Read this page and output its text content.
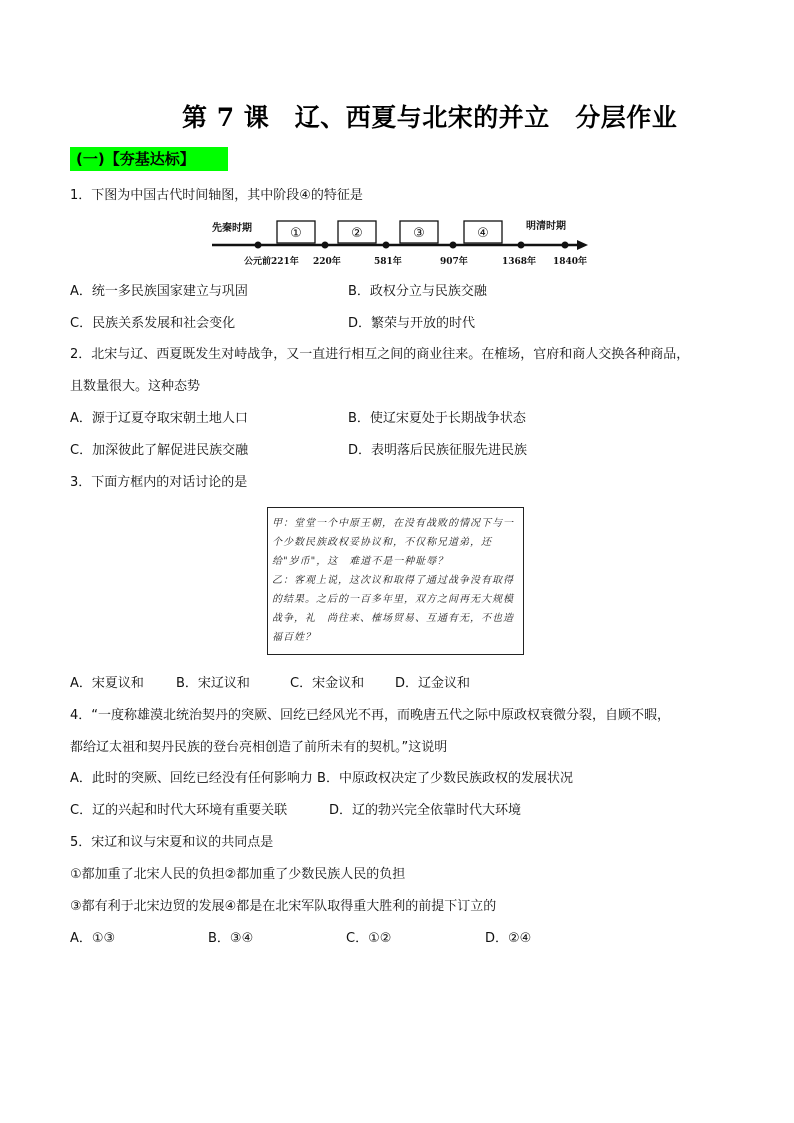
第 7 课　辽、西夏与北宋的并立　分层作业
(一)【夯基达标】
1．下图为中国古代时间轴图，其中阶段④的特征是
先秦时期	明清时期
①	②	③	④
公元前221年 220年	581年	907年	1368年 1840年
A．统一多民族国家建立与巩固	B．政权分立与民族交融
C．民族关系发展和社会变化	D．繁荣与开放的时代
2．北宋与辽、西夏既发生对峙战争，又一直进行相互之间的商业往来。在榷场，官府和商人交换各种商品，
且数量很大。这种态势
A．源于辽夏夺取宋朝土地人口	B．使辽宋夏处于长期战争状态
C．加深彼此了解促进民族交融	D．表明落后民族征服先进民族
3．下面方框内的对话讨论的是
甲：堂堂一个中原王朝，在没有战败的情况下与一个少数民族政权妥协议和，不仅称兄道弟，还给"岁币"，这　难道不是一种耻辱？
乙：客观上说，这次议和取得了通过战争没有取得的结果。之后的一百多年里，双方之间再无大规模战争，礼　尚往来、榷场贸易、互通有无，不也造福百姓？
A．宋夏议和 B．宋辽议和	C．宋金议和 D．辽金议和
4．“一度称雄漠北统治契丹的突厥、回纥已经风光不再，而晚唐五代之际中原政权衰微分裂，自顾不暇，
都给辽太祖和契丹民族的登台亮相创造了前所未有的契机。”这说明
A．此时的突厥、回纥已经没有任何影响力 B．中原政权决定了少数民族政权的发展状况
C．辽的兴起和时代大环境有重要关联	D．辽的勃兴完全依靠时代大环境
5．宋辽和议与宋夏和议的共同点是
①都加重了北宋人民的负担②都加重了少数民族人民的负担
③都有利于北宋边贸的发展④都是在北宋军队取得重大胜利的前提下订立的
A．①③	B．③④	C．①②	D．②④
